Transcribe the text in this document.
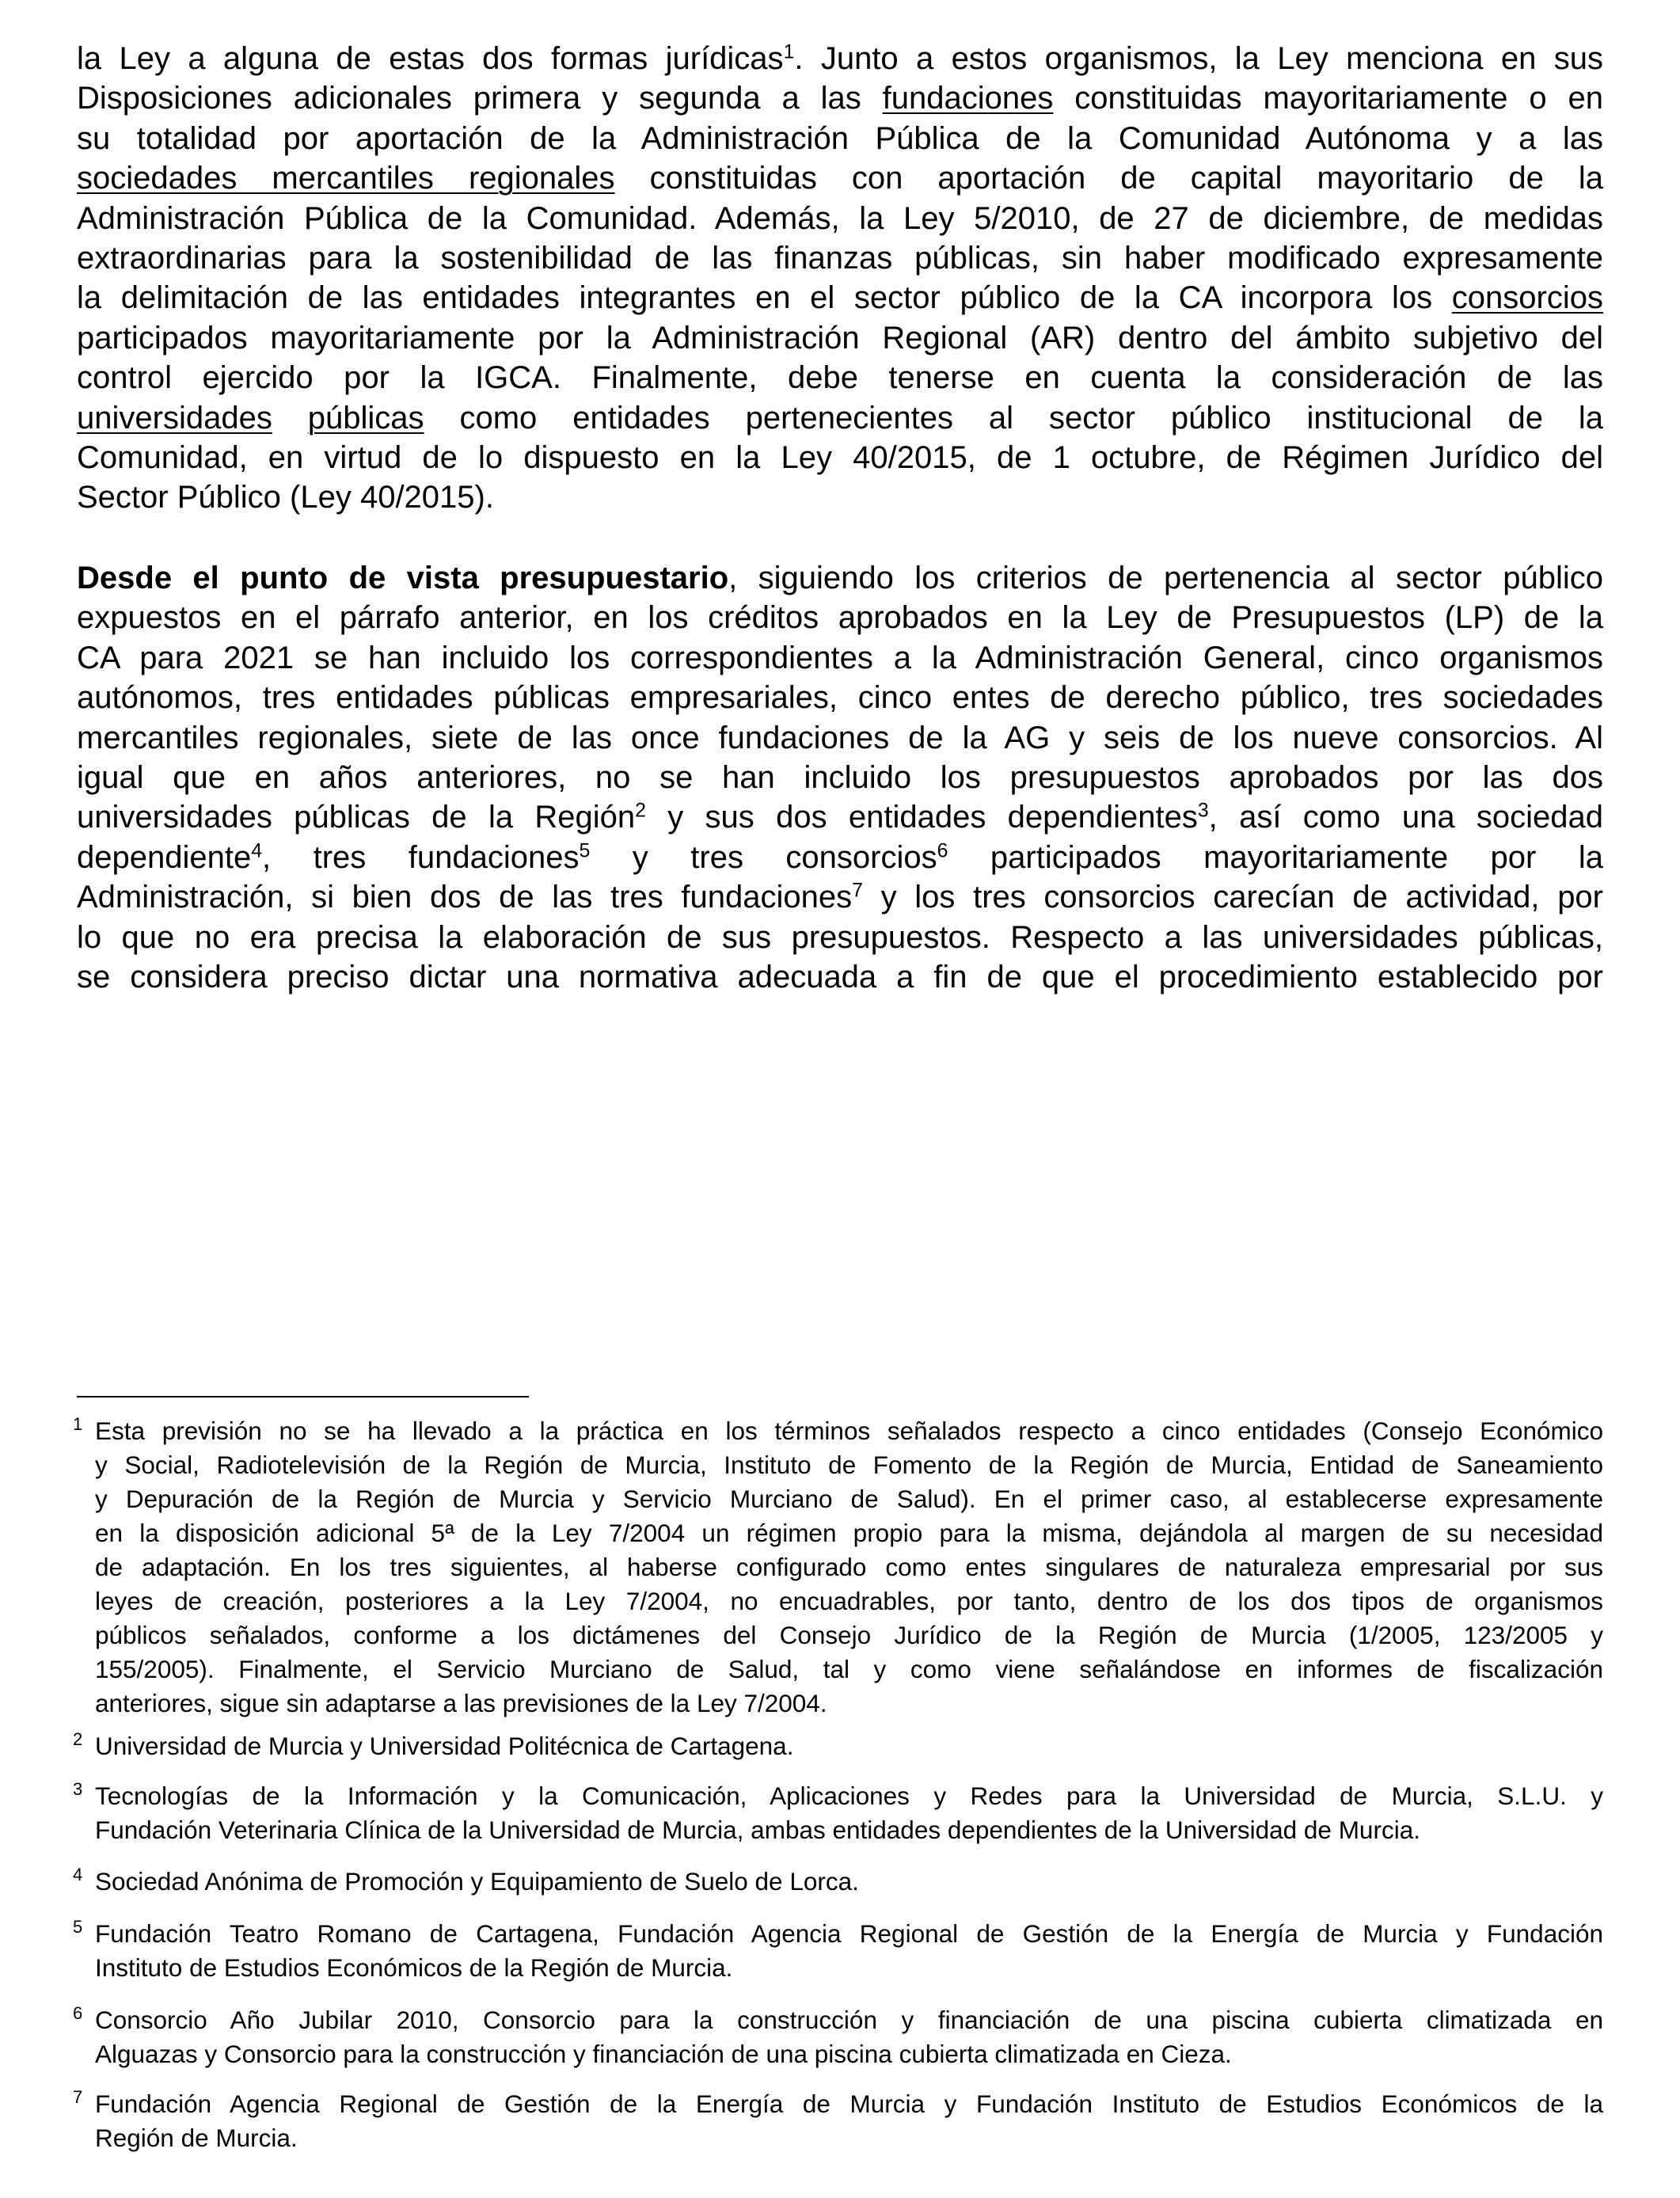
la Ley a alguna de estas dos formas jurídicas$^1$. Junto a estos organismos, la Ley menciona en sus
Disposiciones adicionales primera y segunda a las fundaciones constituidas mayoritariamente o en
su totalidad por aportación de la Administración Pública de la Comunidad Autónoma y a las
sociedades mercantiles regionales constituidas con aportación de capital mayoritario de la
Administración Pública de la Comunidad. Además, la Ley 5/2010, de 27 de diciembre, de medidas
extraordinarias para la sostenibilidad de las finanzas públicas, sin haber modificado expresamente
la delimitación de las entidades integrantes en el sector público de la CA incorpora los consorcios
participados mayoritariamente por la Administración Regional (AR) dentro del ámbito subjetivo del
control ejercido por la IGCA. Finalmente, debe tenerse en cuenta la consideración de las
universidades públicas como entidades pertenecientes al sector público institucional de la
Comunidad, en virtud de lo dispuesto en la Ley 40/2015, de 1 octubre, de Régimen Jurídico del
Sector Público (Ley 40/2015).
Desde el punto de vista presupuestario, siguiendo los criterios de pertenencia al sector público
expuestos en el párrafo anterior, en los créditos aprobados en la Ley de Presupuestos (LP) de la
CA para 2021 se han incluido los correspondientes a la Administración General, cinco organismos
autónomos, tres entidades públicas empresariales, cinco entes de derecho público, tres sociedades
mercantiles regionales, siete de las once fundaciones de la AG y seis de los nueve consorcios. Al
igual que en años anteriores, no se han incluido los presupuestos aprobados por las dos
universidades públicas de la Región$^2$ y sus dos entidades dependientes$^3$, así como una sociedad
dependiente$^4$, tres fundaciones$^5$ y tres consorcios$^6$ participados mayoritariamente por la
Administración, si bien dos de las tres fundaciones$^7$ y los tres consorcios carecían de actividad, por
lo que no era precisa la elaboración de sus presupuestos. Respecto a las universidades públicas,
se considera preciso dictar una normativa adecuada a fin de que el procedimiento establecido por
1 Esta previsión no se ha llevado a la práctica en los términos señalados respecto a cinco entidades (Consejo Económico
y Social, Radiotelevisión de la Región de Murcia, Instituto de Fomento de la Región de Murcia, Entidad de Saneamiento
y Depuración de la Región de Murcia y Servicio Murciano de Salud). En el primer caso, al establecerse expresamente
en la disposición adicional 5ª de la Ley 7/2004 un régimen propio para la misma, dejándola al margen de su necesidad
de adaptación. En los tres siguientes, al haberse configurado como entes singulares de naturaleza empresarial por sus
leyes de creación, posteriores a la Ley 7/2004, no encuadrables, por tanto, dentro de los dos tipos de organismos
públicos señalados, conforme a los dictámenes del Consejo Jurídico de la Región de Murcia (1/2005, 123/2005 y
155/2005). Finalmente, el Servicio Murciano de Salud, tal y como viene señalándose en informes de fiscalización
anteriores, sigue sin adaptarse a las previsiones de la Ley 7/2004.
2 Universidad de Murcia y Universidad Politécnica de Cartagena.
3 Tecnologías de la Información y la Comunicación, Aplicaciones y Redes para la Universidad de Murcia, S.L.U. y
Fundación Veterinaria Clínica de la Universidad de Murcia, ambas entidades dependientes de la Universidad de Murcia.
4 Sociedad Anónima de Promoción y Equipamiento de Suelo de Lorca.
5 Fundación Teatro Romano de Cartagena, Fundación Agencia Regional de Gestión de la Energía de Murcia y Fundación
Instituto de Estudios Económicos de la Región de Murcia.
6 Consorcio Año Jubilar 2010, Consorcio para la construcción y financiación de una piscina cubierta climatizada en
Alguazas y Consorcio para la construcción y financiación de una piscina cubierta climatizada en Cieza.
7 Fundación Agencia Regional de Gestión de la Energía de Murcia y Fundación Instituto de Estudios Económicos de la
Región de Murcia.
